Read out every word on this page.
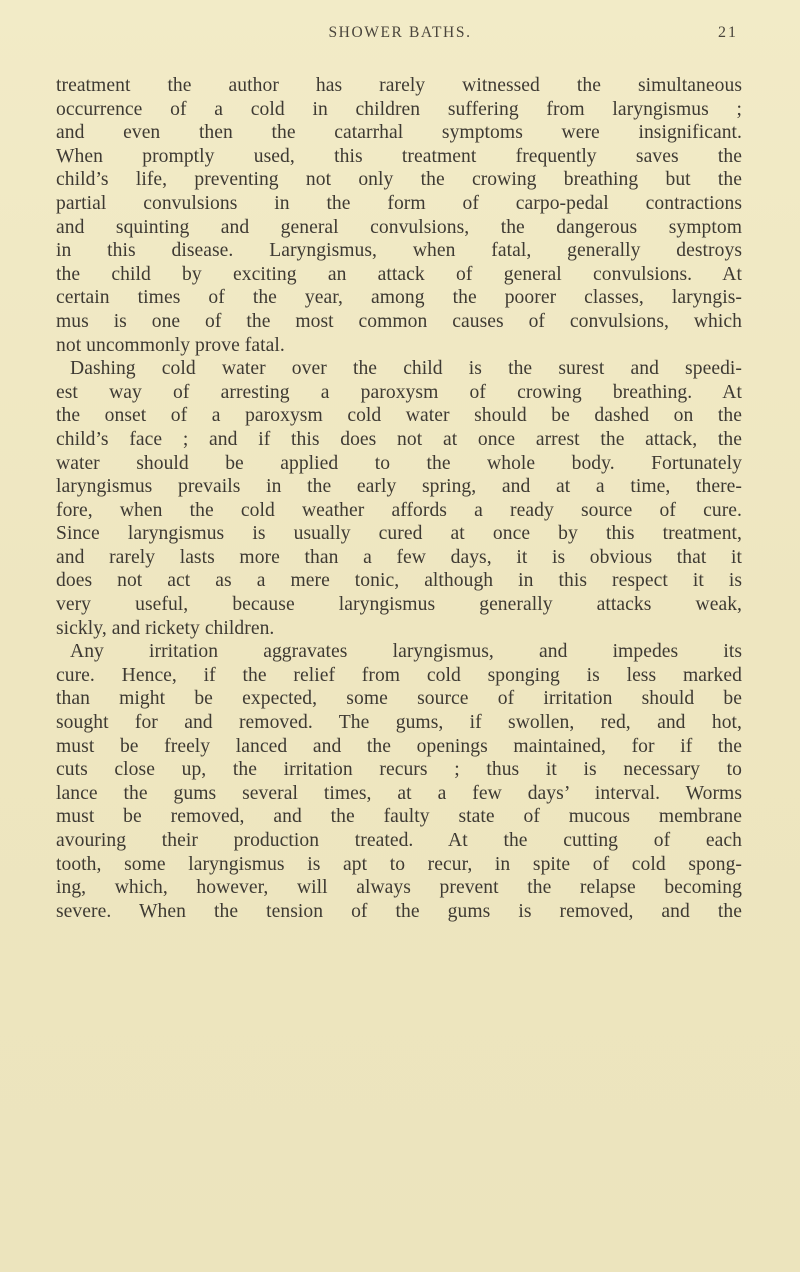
SHOWER BATHS.	21
treatment the author has rarely witnessed the simultaneous
occurrence of a cold in children suffering from laryngismus ;
and even then the catarrhal symptoms were insignificant.
When promptly used, this treatment frequently saves the
child’s life, preventing not only the crowing breathing but the
partial convulsions in the form of carpo-pedal contractions
and squinting and general convulsions, the dangerous symptom
in this disease. Laryngismus, when fatal, generally destroys
the child by exciting an attack of general convulsions. At
certain times of the year, among the poorer classes, laryngis-
mus is one of the most common causes of convulsions, which
not uncommonly prove fatal.
Dashing cold water over the child is the surest and speedi-
est way of arresting a paroxysm of crowing breathing. At
the onset of a paroxysm cold water should be dashed on the
child’s face ; and if this does not at once arrest the attack, the
water should be applied to the whole body. Fortunately
laryngismus prevails in the early spring, and at a time, there-
fore, when the cold weather affords a ready source of cure.
Since laryngismus is usually cured at once by this treatment,
and rarely lasts more than a few days, it is obvious that it
does not act as a mere tonic, although in this respect it is
very useful, because laryngismus generally attacks weak,
sickly, and rickety children.
Any irritation aggravates laryngismus, and impedes its
cure. Hence, if the relief from cold sponging is less marked
than might be expected, some source of irritation should be
sought for and removed. The gums, if swollen, red, and hot,
must be freely lanced and the openings maintained, for if the
cuts close up, the irritation recurs ; thus it is necessary to
lance the gums several times, at a few days’ interval. Worms
must be removed, and the faulty state of mucous membrane
avouring their production treated. At the cutting of each
tooth, some laryngismus is apt to recur, in spite of cold spong-
ing, which, however, will always prevent the relapse becoming
severe. When the tension of the gums is removed, and the
